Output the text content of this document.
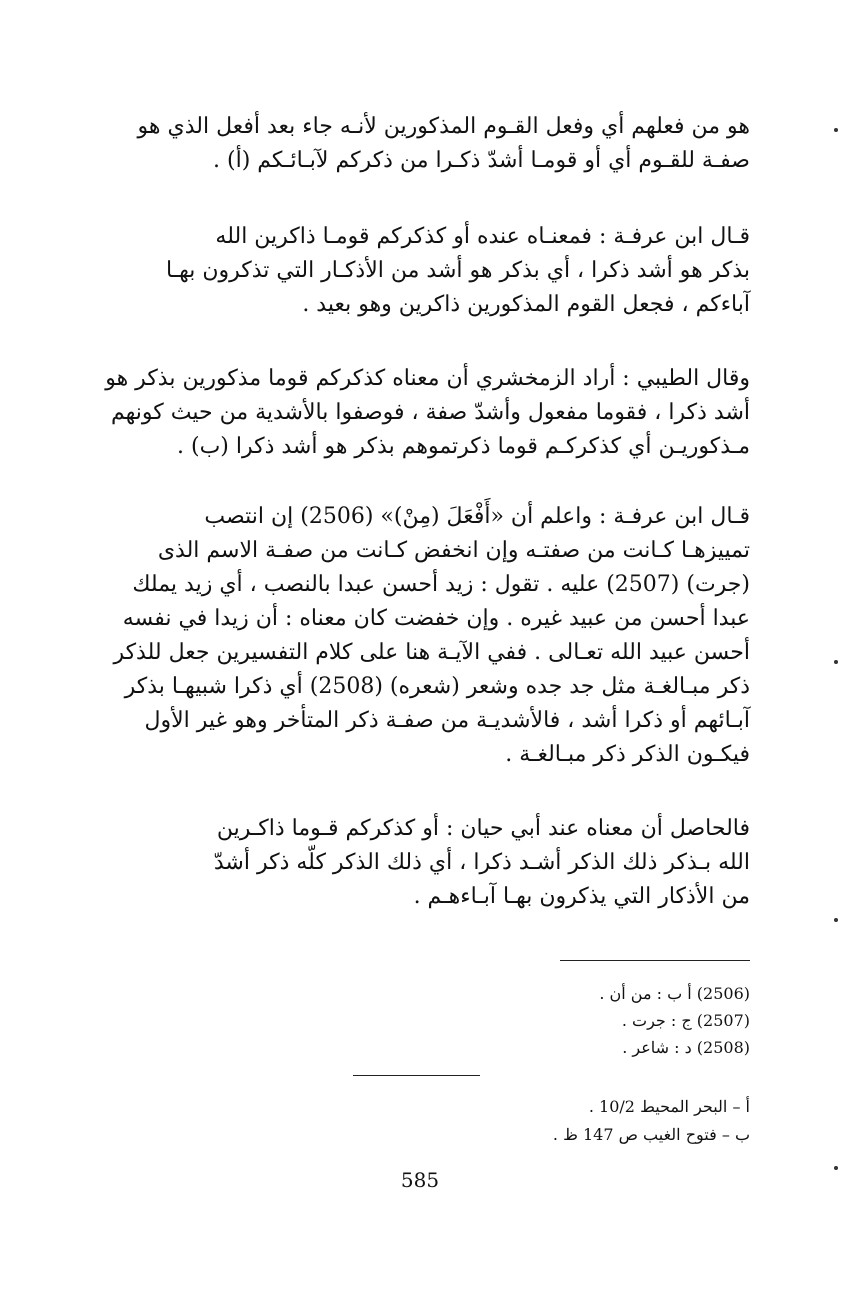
هو من فعلهم أي وفعل القـوم المذكورين لأنـه جاء بعد أفعل الذي هو
صفـة للقـوم أي أو قومـا أشدّ ذكـرا من ذكركم لآبـائـكم (أ) .
قـال ابن عرفـة : فمعنـاه عنده أو كذكركم قومـا ذاكرين الله
بذكر هو أشد ذكرا ، أي بذكر هو أشد من الأذكـار التي تذكرون بهـا
آباءكم ، فجعل القوم المذكورين ذاكرين وهو بعيد .
وقال الطيبي : أراد الزمخشري أن معناه كذكركم قوما مذكورين بذكر هو
أشد ذكرا ، فقوما مفعول وأشدّ صفة ، فوصفوا بالأشدية من حيث كونهم
مـذكوريـن أي كذكركـم قوما ذكرتموهم بذكر هو أشد ذكرا (ب) .
قـال ابن عرفـة : واعلم أن «أَفْعَلَ (مِنْ)» (2506) إن انتصب
تمييزهـا كـانت من صفتـه وإن انخفض كـانت من صفـة الاسم الذى
(جرت) (2507) عليه . تقول : زيد أحسن عبدا بالنصب ، أي زيد يملك
عبدا أحسن من عبيد غيره . وإن خفضت كان معناه : أن زيدا في نفسه
أحسن عبيد الله تعـالى . ففي الآيـة هنا على كلام التفسيرين جعل للذكر
ذكر مبـالغـة مثل جد جده وشعر (شعره) (2508) أي ذكرا شبيهـا بذكر
آبـائهم أو ذكرا أشد ، فالأشديـة من صفـة ذكر المتأخر وهو غير الأول
فيكـون الذكر ذكر مبـالغـة .
فالحاصل أن معناه عند أبي حيان : أو كذكركم قـوما ذاكـرين
الله بـذكر ذلك الذكر أشـد ذكرا ، أي ذلك الذكر كلّه ذكر أشدّ
من الأذكار التي يذكرون بهـا آبـاءهـم .
(2506) أ ب : من أن .
(2507) ج : جرت .
(2508) د : شاعر .
أ – البحر المحيط 10/2 .
ب – فتوح الغيب ص 147 ظ .
585
